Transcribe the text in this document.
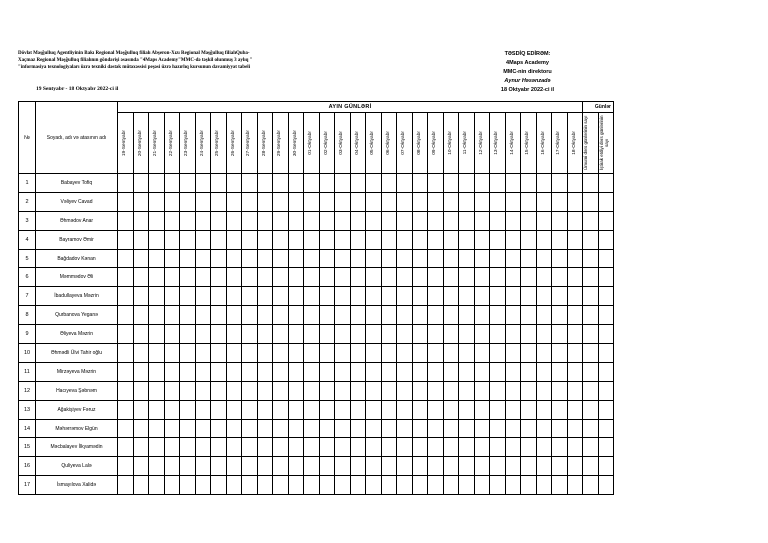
Dövlət Məşğulluq Agentliyinin Bakı Regional Məşğulluq filialı Abşeron-Xızı Regional Məşğulluq filialıQuba-
Xaçmaz Regional Məşğulluq filialının göndərişi əsasında "4Maps Academy"MMC-də təşkil olunmuş 3 aylıq "
"informasiya texnologiyaları üzrə texniki dəstək mütəxəssisi peşəsi üzrə hazırlıq kursunun davamiyyət tabeli
19 Sentyabr - 18 Oktyabr 2022-ci il
TƏSDİQ EDİRƏM:
4Maps Academy
MMC-nin direktoru
Aynur Həsənzadə
18 Oktyabr 2022-ci il
№	Soyadı, adı və atasının adı	AYIN GÜNLƏRİ																														Günlər	

		19-Sentyabr	20-Sentyabr	21-Sentyabr	22-Sentyabr	23-Sentyabr	24-Sentyabr	25-Sentyabr	26-Sentyabr	27-Sentyabr	28-Sentyabr	29-Sentyabr	30-Sentyabr	01-Oktyabr	02-Oktyabr	03-Oktyabr	04-Oktyabr	05-Oktyabr	06-Oktyabr	07-Oktyabr	08-Oktyabr	09-Oktyabr	10-Oktyabr	11-Oktyabr	12-Oktyabr	13-Oktyabr	14-Oktyabr	15-Oktyabr	16-Oktyabr	17-Oktyabr	18-Oktyabr	Ümumi dərs günlərinin sayı	İştirak etdiyi dərs günlərinin sayı

1	Babayev Tofiq																																
2	Vəliyev Cavad																																
3	Əhmədov Anar																																
4	Bayramov Əmir																																
5	Bağdadov Kənan																																
6	Məmmədov Əli																																
7	İbadullayeva Məzrin																																
8	Qurbanova Yeganə																																
9	Əliyeva Məzrin																																
10	Əhmədli Ülvi Tahir oğlu																																
11	Mirzəyeva Məzrin																																
12	Hacıyeva Şəbnəm																																
13	Ağakişiyev Fəruz																																
14	Məhərrəmov Elgün																																
15	Məcbalayev İlkyamədin																																
16	Quliyeva Lalə																																
17	İsmayılova Xalidə																																
